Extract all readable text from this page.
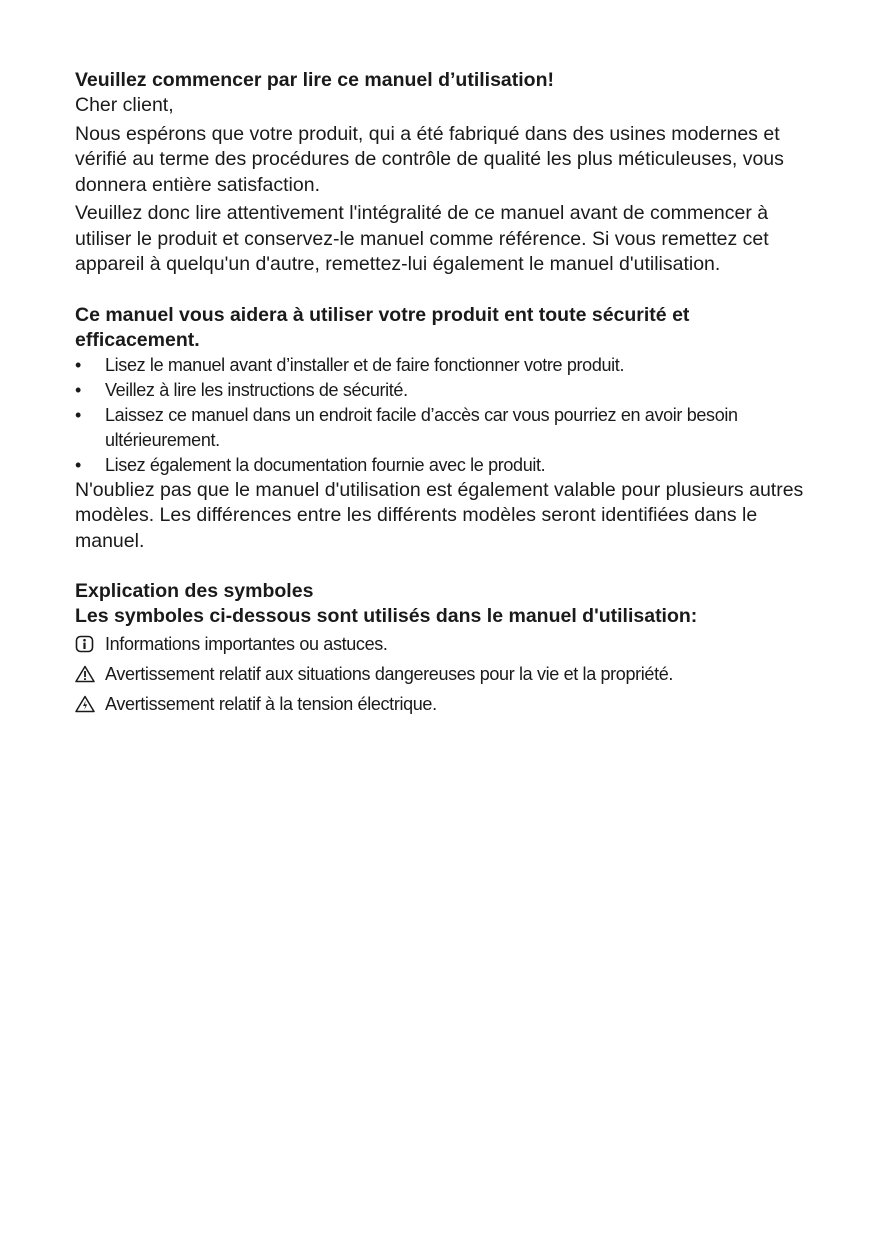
Veuillez commencer par lire ce manuel d’utilisation!

Cher client,

Nous espérons que votre produit, qui a été fabriqué dans des usines modernes et vérifié au terme des procédures de contrôle de qualité les plus méticuleuses, vous donnera entière satisfaction.

Veuillez donc lire attentivement l'intégralité de ce manuel avant de commencer à utiliser le produit et conservez-le manuel comme référence. Si vous remettez cet appareil à quelqu'un d'autre, remettez-lui également le manuel d'utilisation.

Ce manuel vous aidera à utiliser votre produit ent toute sécurité et efficacement.

• Lisez le manuel avant d’installer et de faire fonctionner votre produit.
• Veillez à lire les instructions de sécurité.
• Laissez ce manuel dans un endroit facile d’accès car vous pourriez en avoir besoin ultérieurement.
• Lisez également la documentation fournie avec le produit.

N'oubliez pas que le manuel d'utilisation est également valable pour plusieurs autres modèles. Les différences entre les différents modèles seront identifiées dans le manuel.

Explication des symboles

Les symboles ci-dessous sont utilisés dans le manuel d'utilisation:

Informations importantes ou astuces.
Avertissement relatif aux situations dangereuses pour la vie et la propriété.
Avertissement relatif à la tension électrique.
